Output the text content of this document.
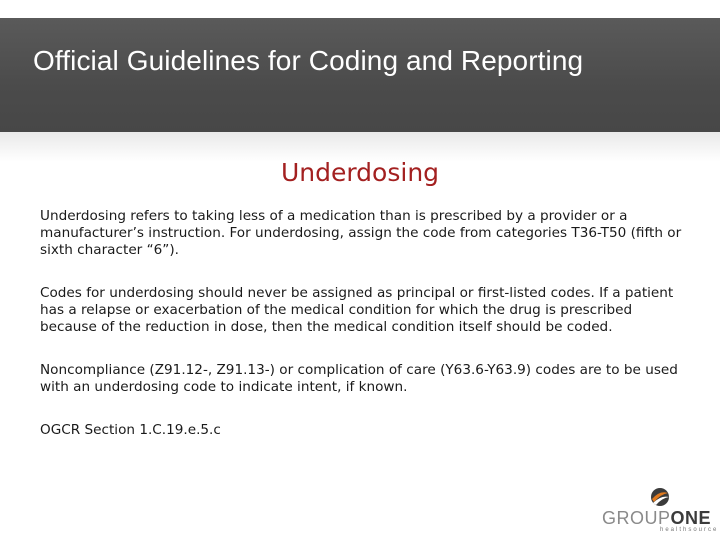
Official Guidelines for Coding and Reporting
Underdosing

Underdosing refers to taking less of a medication than is prescribed by a provider or a manufacturer’s instruction. For underdosing, assign the code from categories T36-T50 (fifth or sixth character “6”).

Codes for underdosing should never be assigned as principal or first-listed codes. If a patient has a relapse or exacerbation of the medical condition for which the drug is prescribed because of the reduction in dose, then the medical condition itself should be coded.

Noncompliance (Z91.12-, Z91.13-) or complication of care (Y63.6-Y63.9) codes are to be used with an underdosing code to indicate intent, if known.

OGCR Section 1.C.19.e.5.c

GROUPONE
healthsource
